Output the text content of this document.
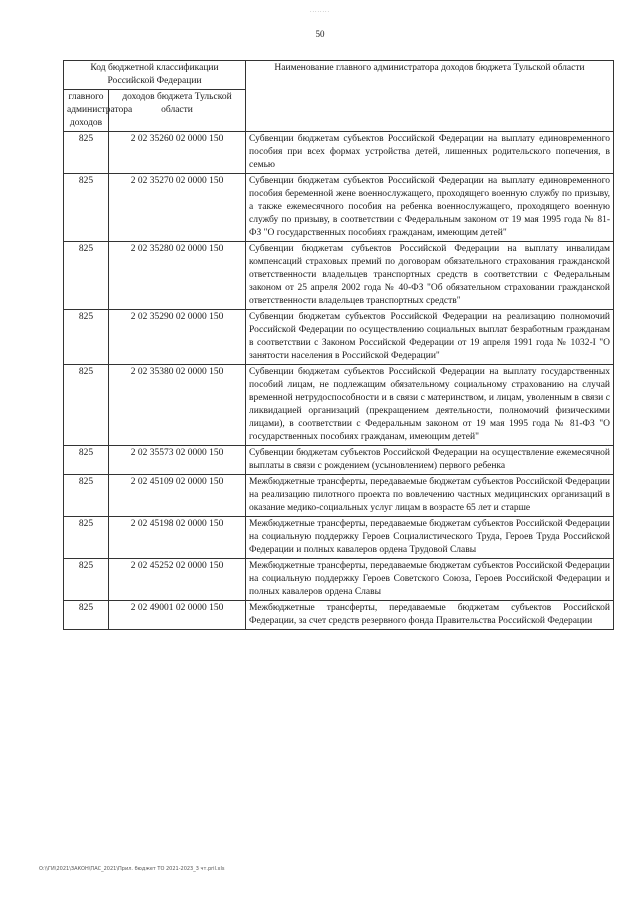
........
50
Код бюджетной классификации Российской Федерации		Наименование главного администратора доходов бюджета Тульской области
главного администратора доходов	доходов бюджета Тульской области	
825	2 02 35260 02 0000 150	Субвенции бюджетам субъектов Российской Федерации на выплату единовременного пособия при всех формах устройства детей, лишенных родительского попечения, в семью
825	2 02 35270 02 0000 150	Субвенции бюджетам субъектов Российской Федерации на выплату единовременного пособия беременной жене военнослужащего, проходящего военную службу по призыву, а также ежемесячного пособия на ребенка военнослужащего, проходящего военную службу по призыву, в соответствии с Федеральным законом от 19 мая 1995 года № 81-ФЗ "О государственных пособиях гражданам, имеющим детей"
825	2 02 35280 02 0000 150	Субвенции бюджетам субъектов Российской Федерации на выплату инвалидам компенсаций страховых премий по договорам обязательного страхования гражданской ответственности владельцев транспортных средств в соответствии с Федеральным законом от 25 апреля 2002 года № 40-ФЗ "Об обязательном страховании гражданской ответственности владельцев транспортных средств"
825	2 02 35290 02 0000 150	Субвенции бюджетам субъектов Российской Федерации на реализацию полномочий Российской Федерации по осуществлению социальных выплат безработным гражданам в соответствии с Законом Российской Федерации от 19 апреля 1991 года № 1032-I "О занятости населения в Российской Федерации"
825	2 02 35380 02 0000 150	Субвенции бюджетам субъектов Российской Федерации на выплату государственных пособий лицам, не подлежащим обязательному социальному страхованию на случай временной нетрудоспособности и в связи с материнством, и лицам, уволенным в связи с ликвидацией организаций (прекращением деятельности, полномочий физическими лицами), в соответствии с Федеральным законом от 19 мая 1995 года № 81-ФЗ "О государственных пособиях гражданам, имеющим детей"
825	2 02 35573 02 0000 150	Субвенции бюджетам субъектов Российской Федерации на осуществление ежемесячной выплаты в связи с рождением (усыновлением) первого ребенка
825	2 02 45109 02 0000 150	Межбюджетные трансферты, передаваемые бюджетам субъектов Российской Федерации на реализацию пилотного проекта по вовлечению частных медицинских организаций в оказание медико-социальных услуг лицам в возрасте 65 лет и старше
825	2 02 45198 02 0000 150	Межбюджетные трансферты, передаваемые бюджетам субъектов Российской Федерации на социальную поддержку Героев Социалистического Труда, Героев Труда Российской Федерации и полных кавалеров ордена Трудовой Славы
825	2 02 45252 02 0000 150	Межбюджетные трансферты, передаваемые бюджетам субъектов Российской Федерации на социальную поддержку Героев Советского Союза, Героев Российской Федерации и полных кавалеров ордена Славы
825	2 02 49001 02 0000 150	Межбюджетные трансферты, передаваемые бюджетам субъектов Российской Федерации, за счет средств резервного фонда Правительства Российской Федерации
О:\\ГИ\2021\ЗАКОН\ПАС_2021\Прил. бюджет ТО 2021-2023_3 чт.pril.xls
